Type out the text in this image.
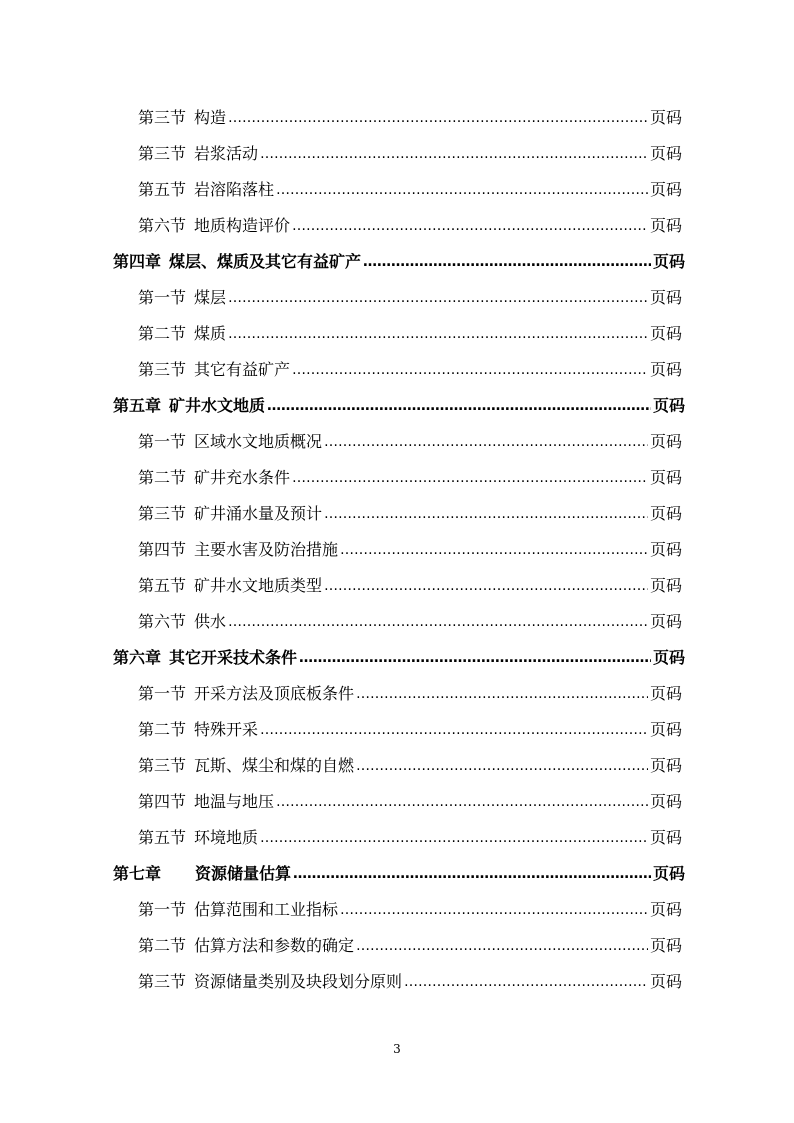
第三节 构造 …………………………………………………………………………………………………………………………………………………………	页码
第三节 岩浆活动 …………………………………………………………………………………………………………………………………………………………	页码
第五节 岩溶陷落柱 …………………………………………………………………………………………………………………………………………………………	页码
第六节 地质构造评价 …………………………………………………………………………………………………………………………………………………………	页码
第四章 煤层、煤质及其它有益矿产 …………………………………………………………………………………………………………………………………………………………	页码
第一节 煤层 …………………………………………………………………………………………………………………………………………………………	页码
第二节 煤质 …………………………………………………………………………………………………………………………………………………………	页码
第三节 其它有益矿产 …………………………………………………………………………………………………………………………………………………………	页码
第五章 矿井水文地质 …………………………………………………………………………………………………………………………………………………………	页码
第一节 区域水文地质概况 …………………………………………………………………………………………………………………………………………………………	页码
第二节 矿井充水条件 …………………………………………………………………………………………………………………………………………………………	页码
第三节 矿井涌水量及预计 …………………………………………………………………………………………………………………………………………………………	页码
第四节 主要水害及防治措施 …………………………………………………………………………………………………………………………………………………………	页码
第五节 矿井水文地质类型 …………………………………………………………………………………………………………………………………………………………	页码
第六节 供水 …………………………………………………………………………………………………………………………………………………………	页码
第六章 其它开采技术条件 …………………………………………………………………………………………………………………………………………………………	页码
第一节 开采方法及顶底板条件 …………………………………………………………………………………………………………………………………………………………	页码
第二节 特殊开采 …………………………………………………………………………………………………………………………………………………………	页码
第三节 瓦斯、煤尘和煤的自燃 …………………………………………………………………………………………………………………………………………………………	页码
第四节 地温与地压 …………………………………………………………………………………………………………………………………………………………	页码
第五节 环境地质 …………………………………………………………………………………………………………………………………………………………	页码
第七章 资源储量估算 …………………………………………………………………………………………………………………………………………………………	页码
第一节 估算范围和工业指标 …………………………………………………………………………………………………………………………………………………………	页码
第二节 估算方法和参数的确定 …………………………………………………………………………………………………………………………………………………………	页码
第三节 资源储量类别及块段划分原则 …………………………………………………………………………………………………………………………………………………………	页码
3
